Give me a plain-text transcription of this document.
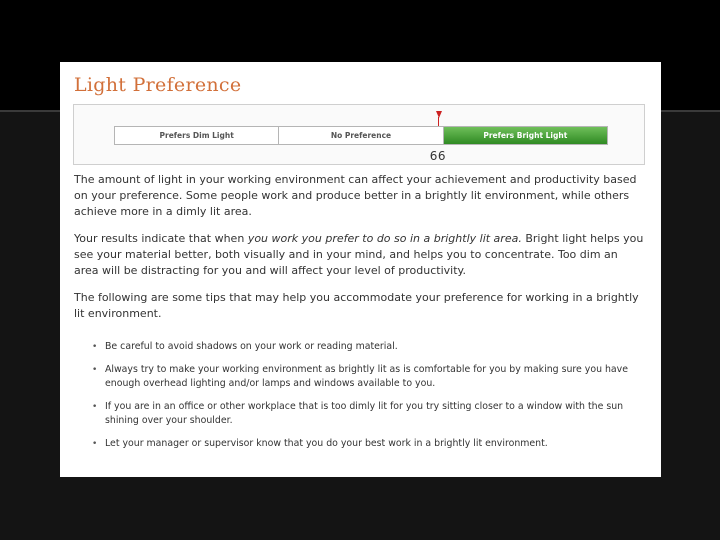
Light Preference
Prefers Dim Light	No Preference	Prefers Bright Light
66

The amount of light in your working environment can affect your achievement and productivity based on your preference. Some people work and produce better in a brightly lit environment, while others achieve more in a dimly lit area.

Your results indicate that when you work you prefer to do so in a brightly lit area. Bright light helps you see your material better, both visually and in your mind, and helps you to concentrate. Too dim an area will be distracting for you and will affect your level of productivity.

The following are some tips that may help you accommodate your preference for working in a brightly lit environment.

• Be careful to avoid shadows on your work or reading material.
• Always try to make your working environment as brightly lit as is comfortable for you by making sure you have enough overhead lighting and/or lamps and windows available to you.
• If you are in an office or other workplace that is too dimly lit for you try sitting closer to a window with the sun shining over your shoulder.
• Let your manager or supervisor know that you do your best work in a brightly lit environment.
